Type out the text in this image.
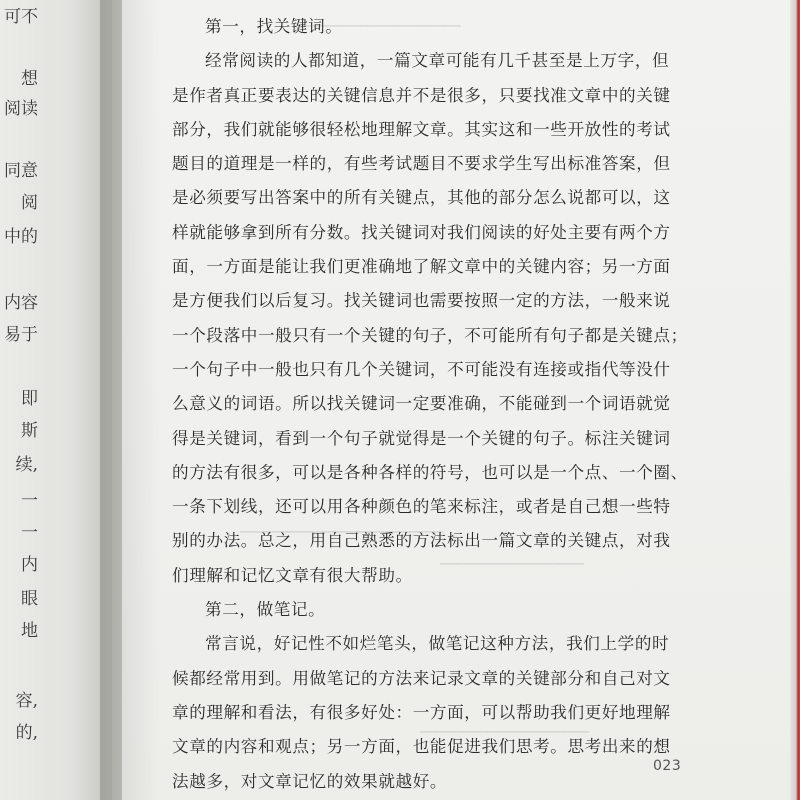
可不
想
阅读
同意
阅
中的
内容
易于
即
斯
续,
一
一
内
眼
地
容,
的,

第一，找关键词。

经常阅读的人都知道，一篇文章可能有几千甚至是上万字，但

是作者真正要表达的关键信息并不是很多，只要找准文章中的关键

部分，我们就能够很轻松地理解文章。其实这和一些开放性的考试

题目的道理是一样的，有些考试题目不要求学生写出标准答案，但

是必须要写出答案中的所有关键点，其他的部分怎么说都可以，这

样就能够拿到所有分数。找关键词对我们阅读的好处主要有两个方

面，一方面是能让我们更准确地了解文章中的关键内容；另一方面

是方便我们以后复习。找关键词也需要按照一定的方法，一般来说

一个段落中一般只有一个关键的句子，不可能所有句子都是关键点；

一个句子中一般也只有几个关键词，不可能没有连接或指代等没什

么意义的词语。所以找关键词一定要准确，不能碰到一个词语就觉

得是关键词，看到一个句子就觉得是一个关键的句子。标注关键词

的方法有很多，可以是各种各样的符号，也可以是一个点、一个圈、

一条下划线，还可以用各种颜色的笔来标注，或者是自己想一些特

别的办法。总之，用自己熟悉的方法标出一篇文章的关键点，对我

们理解和记忆文章有很大帮助。

第二，做笔记。

常言说，好记性不如烂笔头，做笔记这种方法，我们上学的时

候都经常用到。用做笔记的方法来记录文章的关键部分和自己对文

章的理解和看法，有很多好处：一方面，可以帮助我们更好地理解

文章的内容和观点；另一方面，也能促进我们思考。思考出来的想

法越多，对文章记忆的效果就越好。

023
